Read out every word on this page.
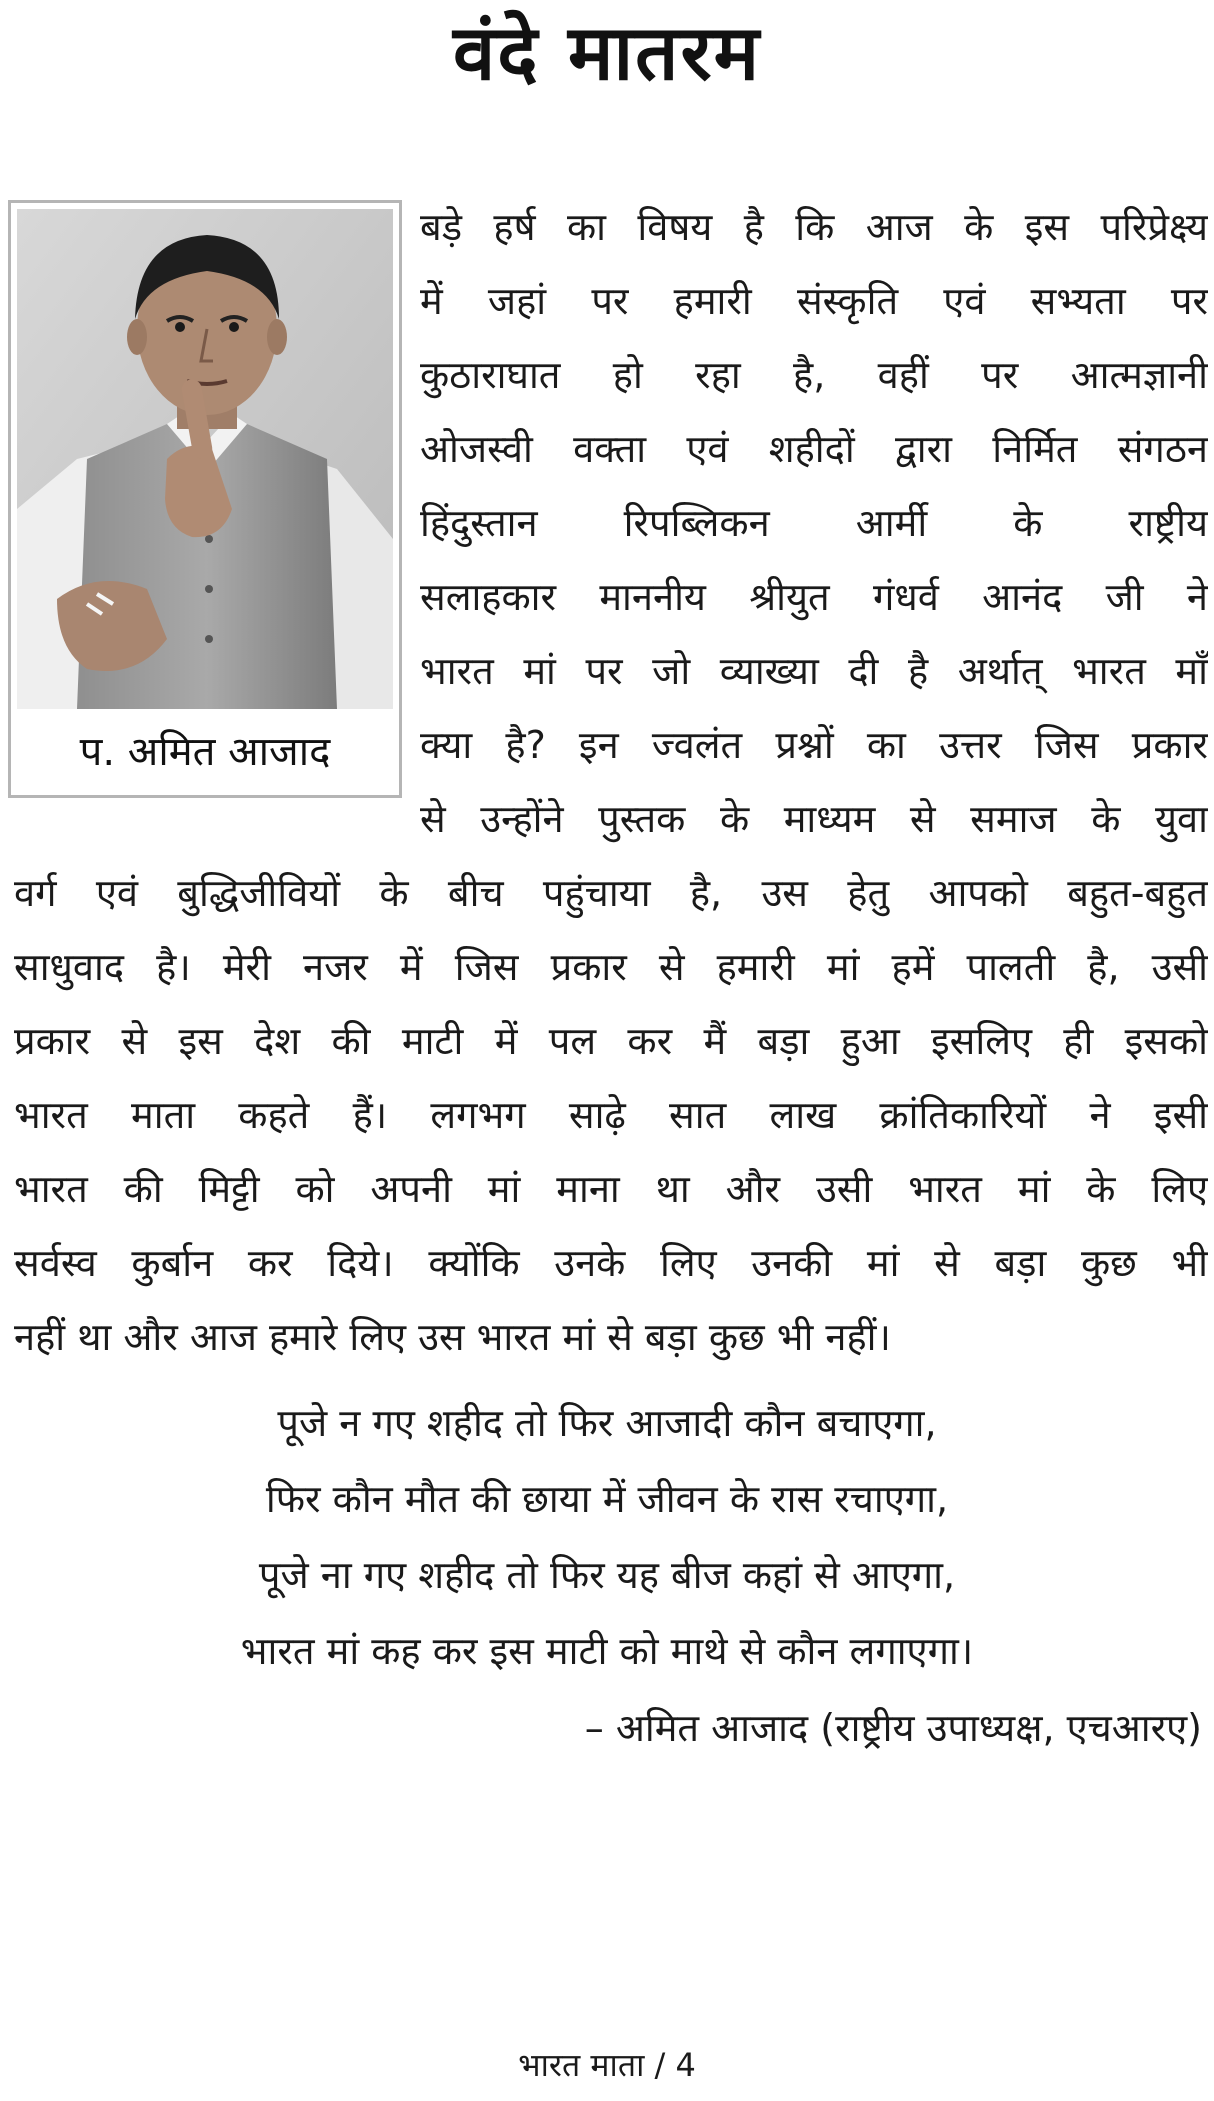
वंदे मातरम
प. अमित आजाद
बड़े हर्ष का विषय है कि आज के इस परिप्रेक्ष्य
में जहां पर हमारी संस्कृति एवं सभ्यता पर
कुठाराघात हो रहा है, वहीं पर आत्मज्ञानी
ओजस्वी वक्ता एवं शहीदों द्वारा निर्मित संगठन
हिंदुस्तान रिपब्लिकन आर्मी के राष्ट्रीय
सलाहकार माननीय श्रीयुत गंधर्व आनंद जी ने
भारत मां पर जो व्याख्या दी है अर्थात् भारत माँ
क्या है? इन ज्वलंत प्रश्नों का उत्तर जिस प्रकार
से उन्होंने पुस्तक के माध्यम से समाज के युवा
वर्ग एवं बुद्धिजीवियों के बीच पहुंचाया है, उस हेतु आपको बहुत-बहुत
साधुवाद है। मेरी नजर में जिस प्रकार से हमारी मां हमें पालती है, उसी
प्रकार से इस देश की माटी में पल कर मैं बड़ा हुआ इसलिए ही इसको
भारत माता कहते हैं। लगभग साढ़े सात लाख क्रांतिकारियों ने इसी
भारत की मिट्टी को अपनी मां माना था और उसी भारत मां के लिए
सर्वस्व कुर्बान कर दिये। क्योंकि उनके लिए उनकी मां से बड़ा कुछ भी
नहीं था और आज हमारे लिए उस भारत मां से बड़ा कुछ भी नहीं।
पूजे न गए शहीद तो फिर आजादी कौन बचाएगा,
फिर कौन मौत की छाया में जीवन के रास रचाएगा,
पूजे ना गए शहीद तो फिर यह बीज कहां से आएगा,
भारत मां कह कर इस माटी को माथे से कौन लगाएगा।
– अमित आजाद (राष्ट्रीय उपाध्यक्ष, एचआरए)
भारत माता / 4
